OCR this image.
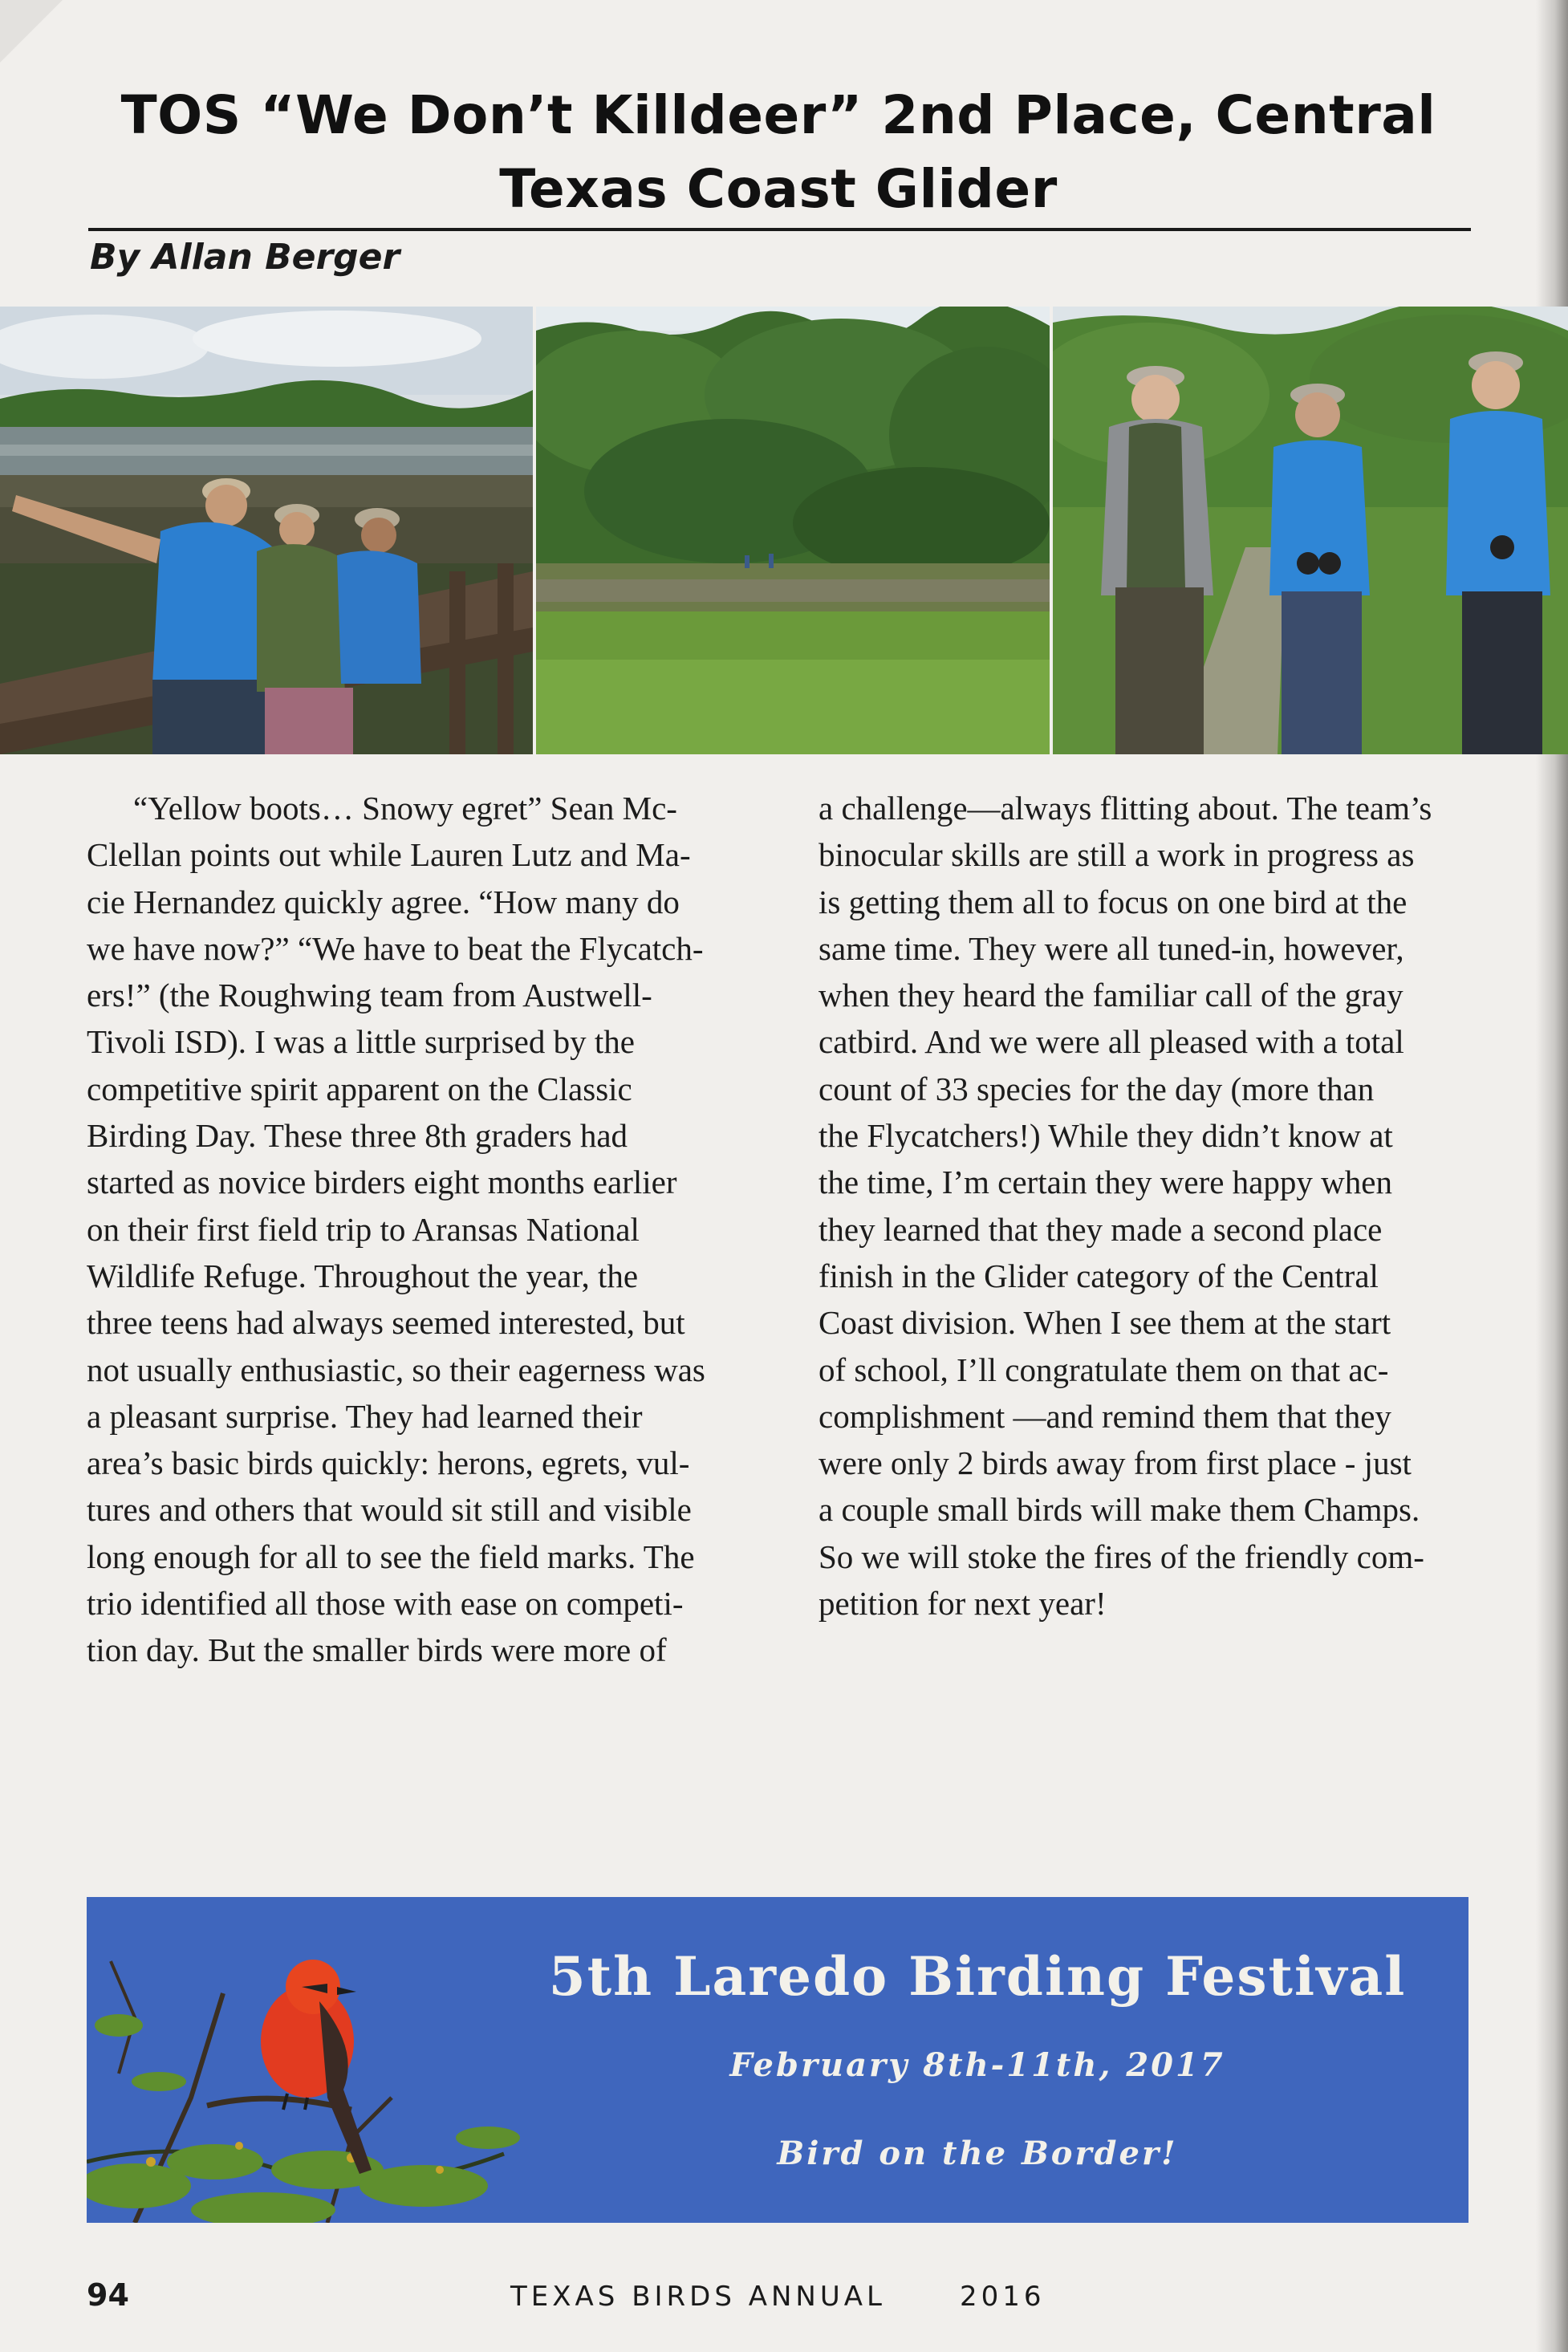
TOS “We Don’t Killdeer” 2nd Place, Central
Texas Coast Glider
By Allan Berger
“Yellow boots… Snowy egret” Sean Mc-
Clellan points out while Lauren Lutz and Ma-
cie Hernandez quickly agree. “How many do
we have now?” “We have to beat the Flycatch-
ers!” (the Roughwing team from Austwell-
Tivoli ISD). I was a little surprised by the
competitive spirit apparent on the Classic
Birding Day. These three 8th graders had
started as novice birders eight months earlier
on their first field trip to Aransas National
Wildlife Refuge. Throughout the year, the
three teens had always seemed interested, but
not usually enthusiastic, so their eagerness was
a pleasant surprise. They had learned their
area’s basic birds quickly: herons, egrets, vul-
tures and others that would sit still and visible
long enough for all to see the field marks. The
trio identified all those with ease on competi-
tion day. But the smaller birds were more of
a challenge—always flitting about. The team’s
binocular skills are still a work in progress as
is getting them all to focus on one bird at the
same time. They were all tuned-in, however,
when they heard the familiar call of the gray
catbird. And we were all pleased with a total
count of 33 species for the day (more than
the Flycatchers!) While they didn’t know at
the time, I’m certain they were happy when
they learned that they made a second place
finish in the Glider category of the Central
Coast division. When I see them at the start
of school, I’ll congratulate them on that ac-
complishment —and remind them that they
were only 2 birds away from first place - just
a couple small birds will make them Champs.
So we will stoke the fires of the friendly com-
petition for next year!
5th Laredo Birding Festival
February 8th-11th, 2017
Bird on the Border!
94	TEXAS BIRDS ANNUAL	2016
